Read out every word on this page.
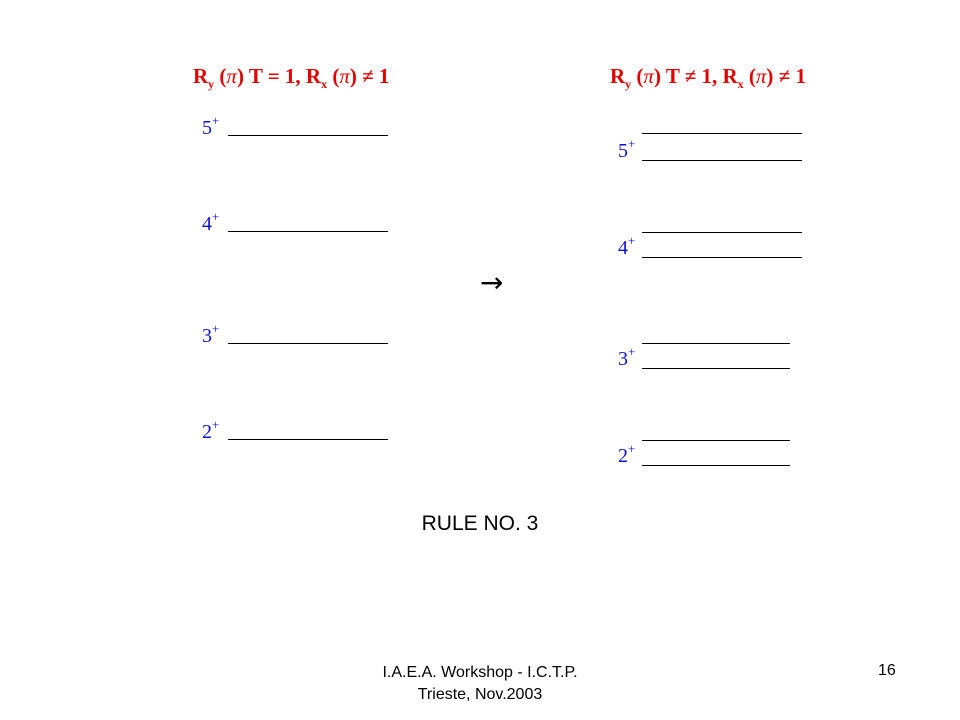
$R_y$ (π) T = 1, $R_x$ (π) ≠ 1	$R_y$ (π) T ≠ 1, $R_x$ (π) ≠ 1
5+
4+
3+
2+
→
5+
4+
3+
2+
RULE NO. 3
I.A.E.A. Workshop - I.C.T.P.
Trieste, Nov.2003
16
